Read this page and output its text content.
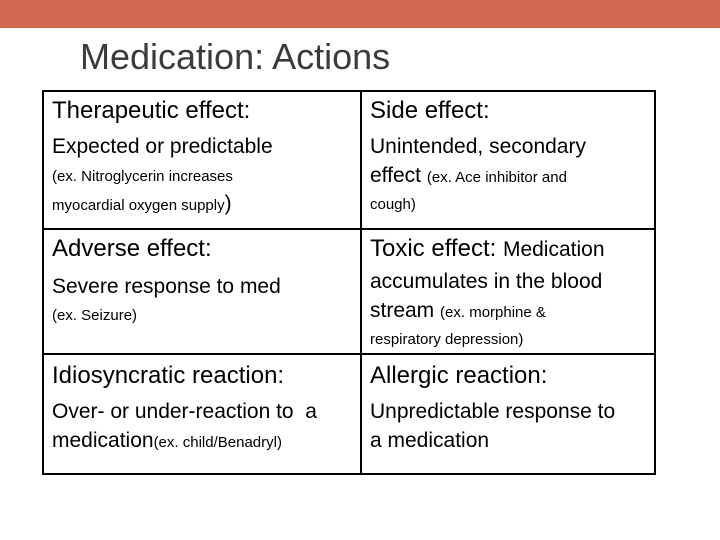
Medication: Actions
Therapeutic effect:
Expected or predictable
(ex. Nitroglycerin increases
myocardial oxygen supply)
Side effect:
Unintended, secondary
effect (ex. Ace inhibitor and
cough)
Adverse effect:
Severe response to med
(ex. Seizure)
Toxic effect: Medication
accumulates in the blood
stream (ex. morphine &
respiratory depression)
Idiosyncratic reaction:
Over- or under-reaction to  a
medication(ex. child/Benadryl)
Allergic reaction:
Unpredictable response to
a medication
